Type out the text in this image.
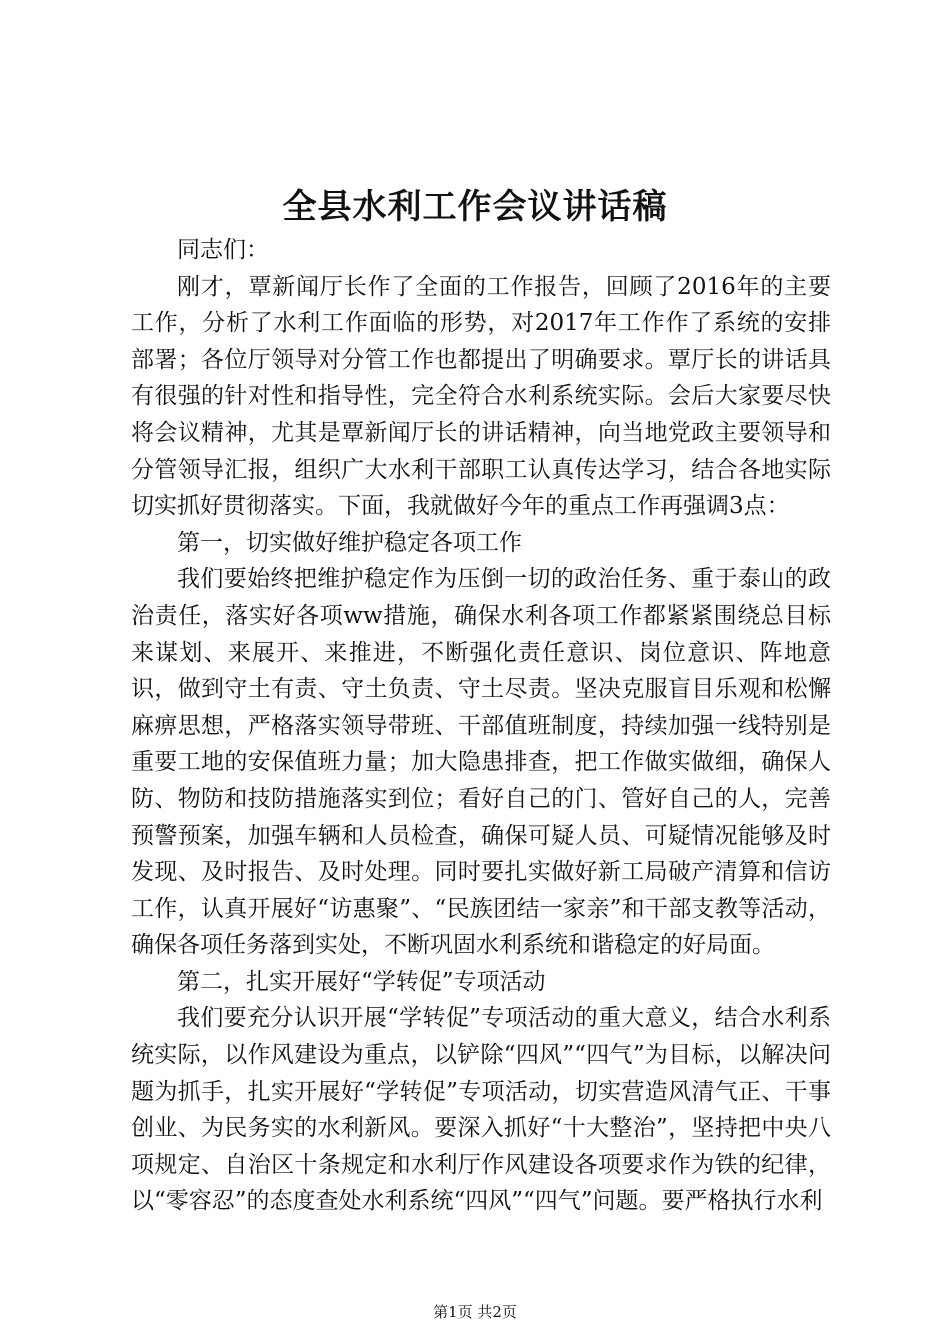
全县水利工作会议讲话稿

同志们：

刚才，覃新闻厅长作了全面的工作报告，回顾了2016年的主要工作，分析了水利工作面临的形势，对2017年工作作了系统的安排部署；各位厅领导对分管工作也都提出了明确要求。覃厅长的讲话具有很强的针对性和指导性，完全符合水利系统实际。会后大家要尽快将会议精神，尤其是覃新闻厅长的讲话精神，向当地党政主要领导和分管领导汇报，组织广大水利干部职工认真传达学习，结合各地实际切实抓好贯彻落实。下面，我就做好今年的重点工作再强调3点：

第一，切实做好维护稳定各项工作

我们要始终把维护稳定作为压倒一切的政治任务、重于泰山的政治责任，落实好各项ww措施，确保水利各项工作都紧紧围绕总目标来谋划、来展开、来推进，不断强化责任意识、岗位意识、阵地意识，做到守土有责、守土负责、守土尽责。坚决克服盲目乐观和松懈麻痹思想，严格落实领导带班、干部值班制度，持续加强一线特别是重要工地的安保值班力量；加大隐患排查，把工作做实做细，确保人防、物防和技防措施落实到位；看好自己的门、管好自己的人，完善预警预案，加强车辆和人员检查，确保可疑人员、可疑情况能够及时发现、及时报告、及时处理。同时要扎实做好新工局破产清算和信访工作，认真开展好“访惠聚”、“民族团结一家亲”和干部支教等活动，确保各项任务落到实处，不断巩固水利系统和谐稳定的好局面。

第二，扎实开展好“学转促”专项活动

我们要充分认识开展“学转促”专项活动的重大意义，结合水利系统实际，以作风建设为重点，以铲除“四风”“四气”为目标，以解决问题为抓手，扎实开展好“学转促”专项活动，切实营造风清气正、干事创业、为民务实的水利新风。要深入抓好“十大整治”，坚持把中央八项规定、自治区十条规定和水利厅作风建设各项要求作为铁的纪律，以“零容忍”的态度查处水利系统“四风”“四气”问题。要严格执行水利

第1页 共2页
